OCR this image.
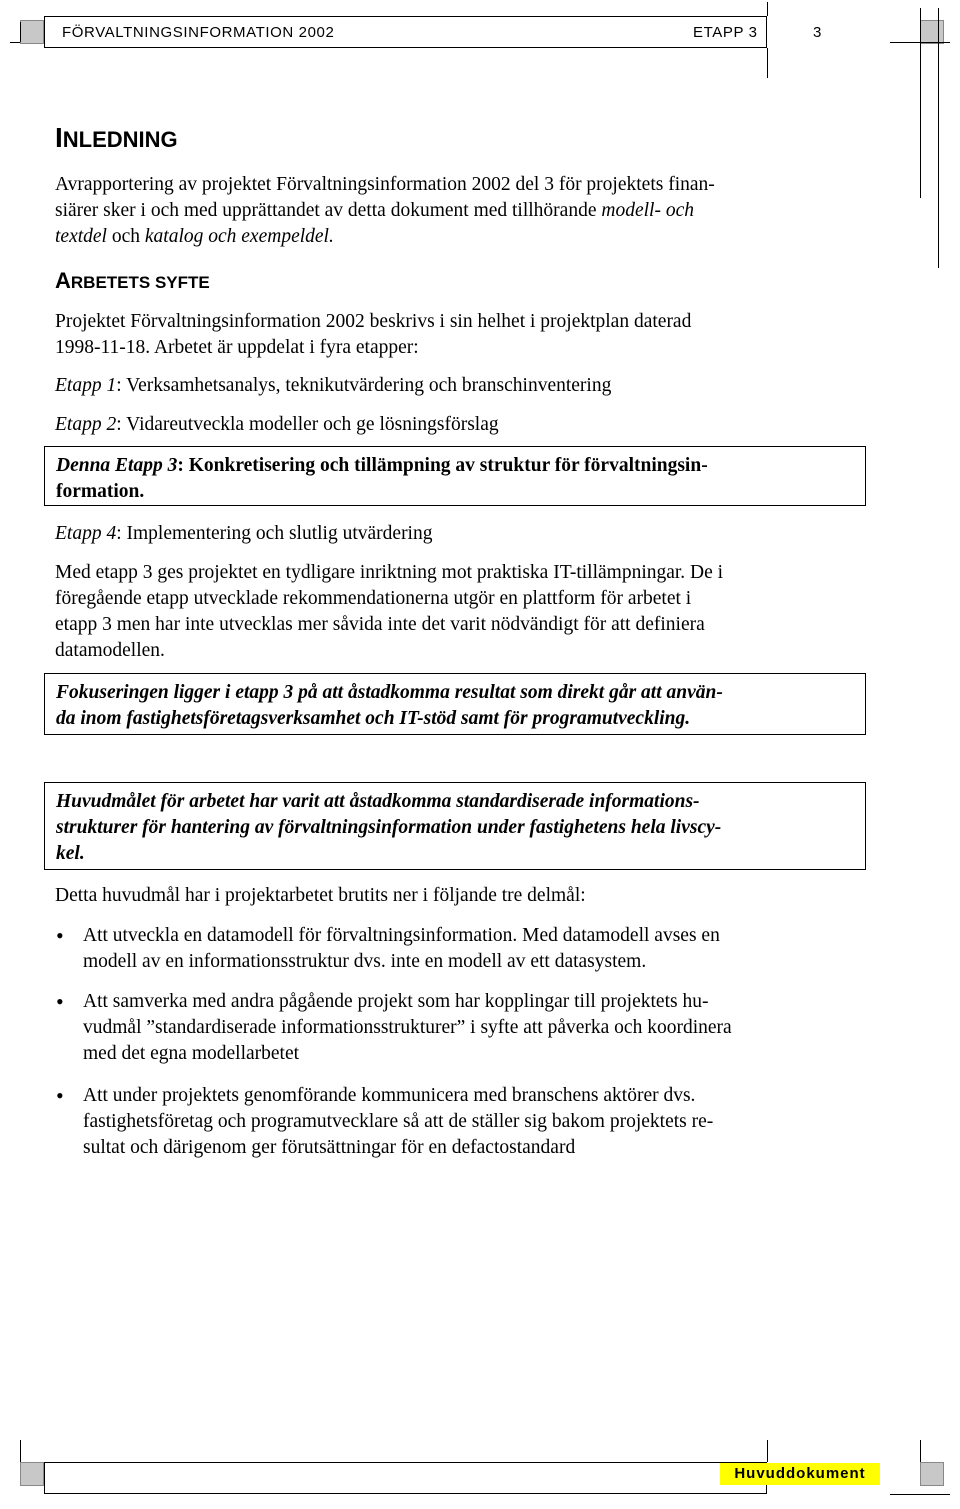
FÖRVALTNINGSINFORMATION 2002	ETAPP 3	3
INLEDNING

Avrapportering av projektet Förvaltningsinformation 2002 del 3 för projektets finan-

siärer sker i och med upprättandet av detta dokument med tillhörande modell- och

textdel och katalog och exempeldel.

ARBETETS SYFTE

Projektet Förvaltningsinformation 2002 beskrivs i sin helhet i projektplan daterad

1998-11-18. Arbetet är uppdelat i fyra etapper:

Etapp 1: Verksamhetsanalys, teknikutvärdering och branschinventering

Etapp 2: Vidareutveckla modeller och ge lösningsförslag

Denna Etapp 3: Konkretisering och tillämpning av struktur för förvaltningsin-

formation.

Etapp 4: Implementering och slutlig utvärdering

Med etapp 3 ges projektet en tydligare inriktning mot praktiska IT-tillämpningar. De i

föregående etapp utvecklade rekommendationerna utgör en plattform för arbetet i

etapp 3 men har inte utvecklas mer såvida inte det varit nödvändigt för att definiera

datamodellen.

Fokuseringen ligger i etapp 3 på att åstadkomma resultat som direkt går att använ-

da inom fastighetsföretagsverksamhet och IT-stöd samt för programutveckling.

Huvudmålet för arbetet har varit att åstadkomma standardiserade informations-

strukturer för hantering av förvaltningsinformation under fastighetens hela livscy-

kel.

Detta huvudmål har i projektarbetet brutits ner i följande tre delmål:

• Att utveckla en datamodell för förvaltningsinformation. Med datamodell avses en

modell av en informationsstruktur dvs. inte en modell av ett datasystem.

• Att samverka med andra pågående projekt som har kopplingar till projektets hu-

vudmål ”standardiserade informationsstrukturer” i syfte att påverka och koordinera

med det egna modellarbetet

• Att under projektets genomförande kommunicera med branschens aktörer dvs.

fastighetsföretag och programutvecklare så att de ställer sig bakom projektets re-

sultat och därigenom ger förutsättningar för en defactostandard

Huvuddokument
